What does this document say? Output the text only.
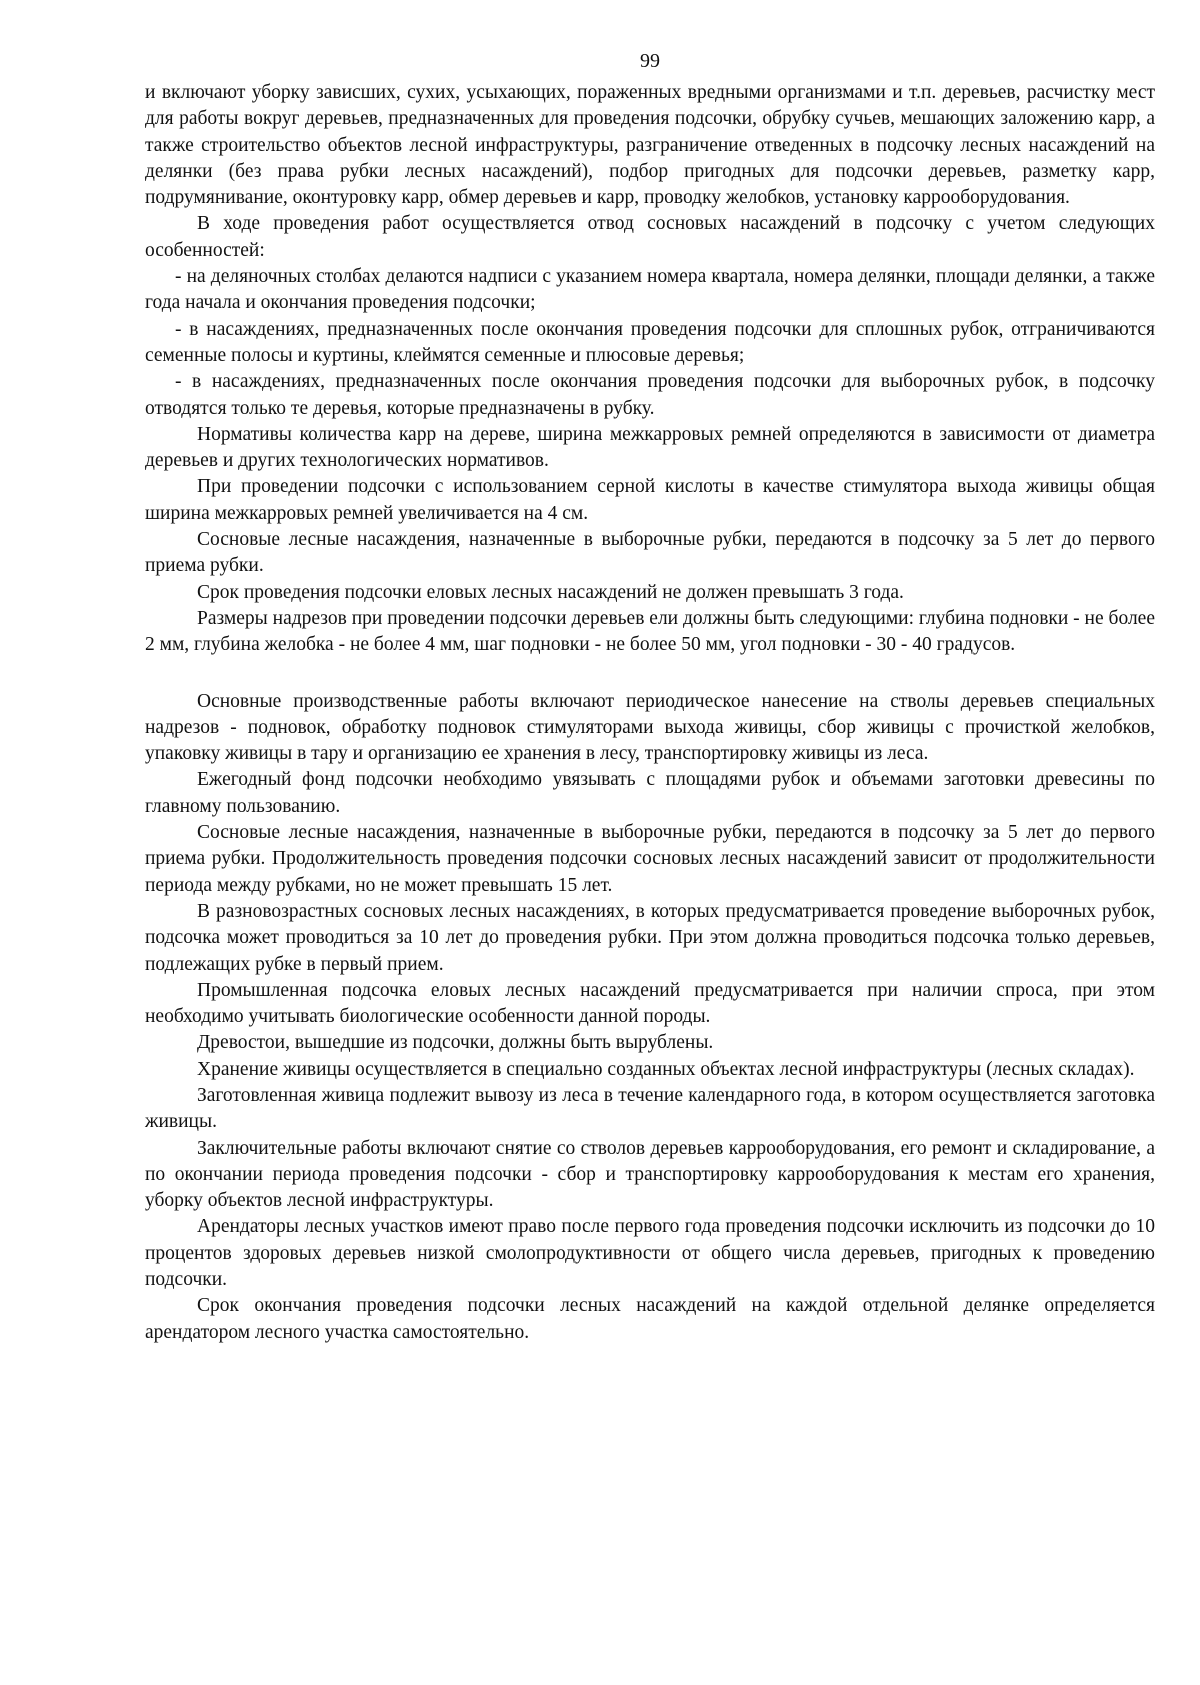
99

и включают уборку зависших, сухих, усыхающих, пораженных вредными организмами и т.п. деревьев, расчистку мест для работы вокруг деревьев, предназначенных для проведения подсочки, обрубку сучьев, мешающих заложению карр, а также строительство объектов лесной инфраструктуры, разграничение отведенных в подсочку лесных насаждений на делянки (без права рубки лесных насаждений), подбор пригодных для подсочки деревьев, разметку карр, подрумянивание, оконтуровку карр, обмер деревьев и карр, проводку желобков, установку каррооборудования.

В ходе проведения работ осуществляется отвод сосновых насаждений в подсочку с учетом следующих особенностей:

- на деляночных столбах делаются надписи с указанием номера квартала, номера делянки, площади делянки, а также года начала и окончания проведения подсочки;

- в насаждениях, предназначенных после окончания проведения подсочки для сплошных рубок, отграничиваются семенные полосы и куртины, клеймятся семенные и плюсовые деревья;

- в насаждениях, предназначенных после окончания проведения подсочки для выборочных рубок, в подсочку отводятся только те деревья, которые предназначены в рубку.

Нормативы количества карр на дереве, ширина межкарровых ремней определяются в зависимости от диаметра деревьев и других технологических нормативов.

При проведении подсочки с использованием серной кислоты в качестве стимулятора выхода живицы общая ширина межкарровых ремней увеличивается на 4 см.

Сосновые лесные насаждения, назначенные в выборочные рубки, передаются в подсочку за 5 лет до первого приема рубки.

Срок проведения подсочки еловых лесных насаждений не должен превышать 3 года.

Размеры надрезов при проведении подсочки деревьев ели должны быть следующими: глубина подновки - не более 2 мм, глубина желобка - не более 4 мм, шаг подновки - не более 50 мм, угол подновки - 30 - 40 градусов.

Основные производственные работы включают периодическое нанесение на стволы деревьев специальных надрезов - подновок, обработку подновок стимуляторами выхода живицы, сбор живицы с прочисткой желобков, упаковку живицы в тару и организацию ее хранения в лесу, транспортировку живицы из леса.

Ежегодный фонд подсочки необходимо увязывать с площадями рубок и объемами заготовки древесины по главному пользованию.

Сосновые лесные насаждения, назначенные в выборочные рубки, передаются в подсочку за 5 лет до первого приема рубки. Продолжительность проведения подсочки сосновых лесных насаждений зависит от продолжительности периода между рубками, но не может превышать 15 лет.

В разновозрастных сосновых лесных насаждениях, в которых предусматривается проведение выборочных рубок, подсочка может проводиться за 10 лет до проведения рубки. При этом должна проводиться подсочка только деревьев, подлежащих рубке в первый прием.

Промышленная подсочка еловых лесных насаждений предусматривается при наличии спроса, при этом необходимо учитывать биологические особенности данной породы.

Древостои, вышедшие из подсочки, должны быть вырублены.

Хранение живицы осуществляется в специально созданных объектах лесной инфраструктуры (лесных складах).

Заготовленная живица подлежит вывозу из леса в течение календарного года, в котором осуществляется заготовка живицы.

Заключительные работы включают снятие со стволов деревьев каррооборудования, его ремонт и складирование, а по окончании периода проведения подсочки - сбор и транспортировку каррооборудования к местам его хранения, уборку объектов лесной инфраструктуры.

Арендаторы лесных участков имеют право после первого года проведения подсочки исключить из подсочки до 10 процентов здоровых деревьев низкой смолопродуктивности от общего числа деревьев, пригодных к проведению подсочки.

Срок окончания проведения подсочки лесных насаждений на каждой отдельной делянке определяется арендатором лесного участка самостоятельно.
